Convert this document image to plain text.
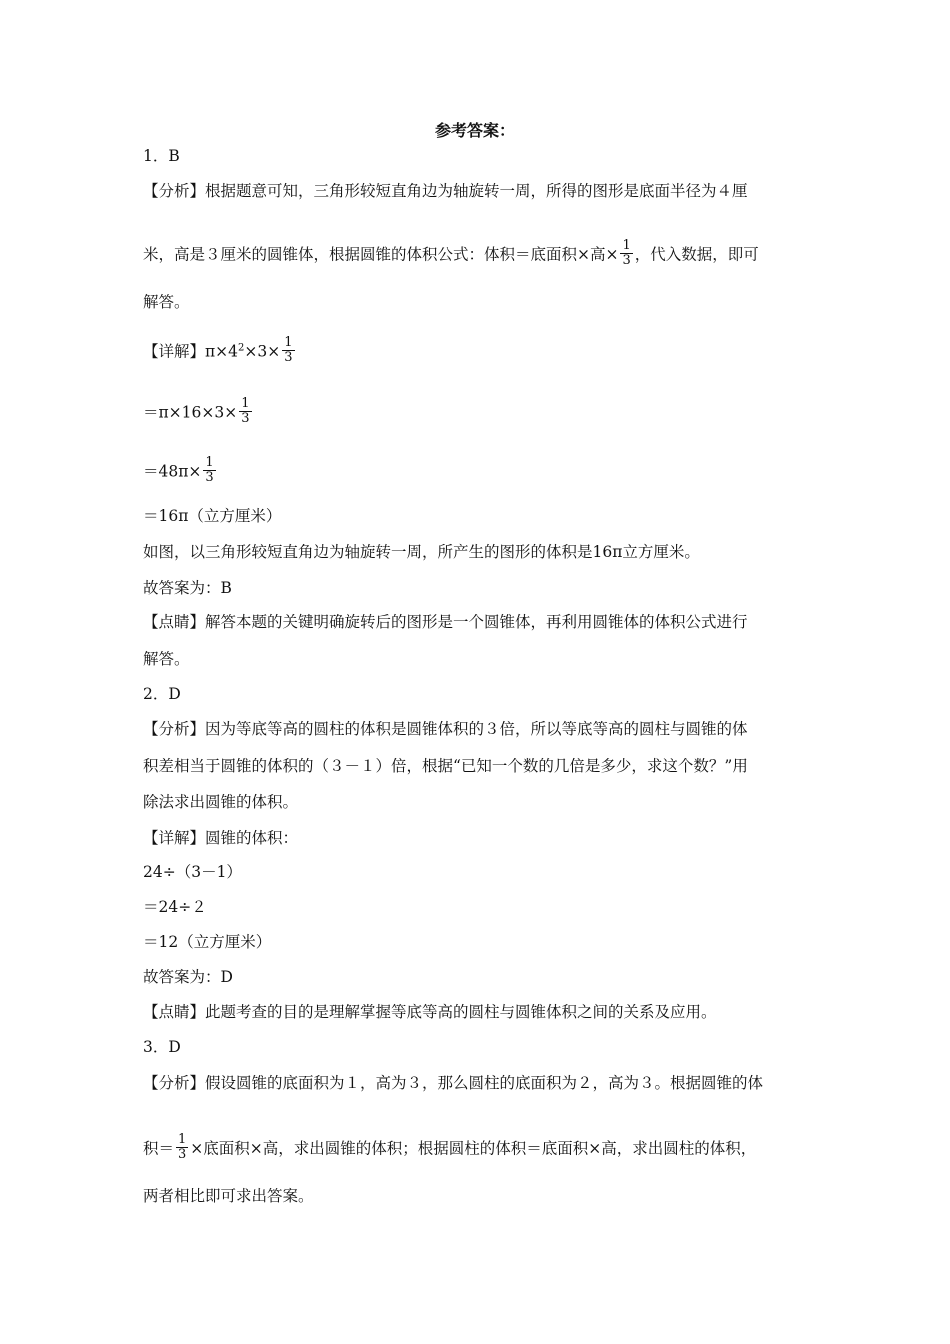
参考答案：
1．B
【分析】根据题意可知，三角形较短直角边为轴旋转一周，所得的图形是底面半径为４厘
米，高是３厘米的圆锥体，根据圆锥的体积公式：体积＝底面积×高× $\frac{1}{3}$ ，代入数据，即可
解答。
【详解】$\pi\times 4^2\times 3\times \frac{1}{3}$
$=\pi\times 16\times 3\times \frac{1}{3}$
$=48\pi\times \frac{1}{3}$
＝16π（立方厘米）
如图，以三角形较短直角边为轴旋转一周，所产生的图形的体积是16π立方厘米。
故答案为：B
【点睛】解答本题的关键明确旋转后的图形是一个圆锥体，再利用圆锥体的体积公式进行
解答。
2．D
【分析】因为等底等高的圆柱的体积是圆锥体积的３倍，所以等底等高的圆柱与圆锥的体
积差相当于圆锥的体积的（３－１）倍，根据“已知一个数的几倍是多少，求这个数？”用
除法求出圆锥的体积。
【详解】圆锥的体积：
24÷（3－1）
＝24÷２
＝12（立方厘米）
故答案为：D
【点睛】此题考查的目的是理解掌握等底等高的圆柱与圆锥体积之间的关系及应用。
3．D
【分析】假设圆锥的底面积为１，高为３，那么圆柱的底面积为２，高为３。根据圆锥的体
积＝ $\frac{1}{3}$ ×底面积×高，求出圆锥的体积；根据圆柱的体积＝底面积×高，求出圆柱的体积，
两者相比即可求出答案。
